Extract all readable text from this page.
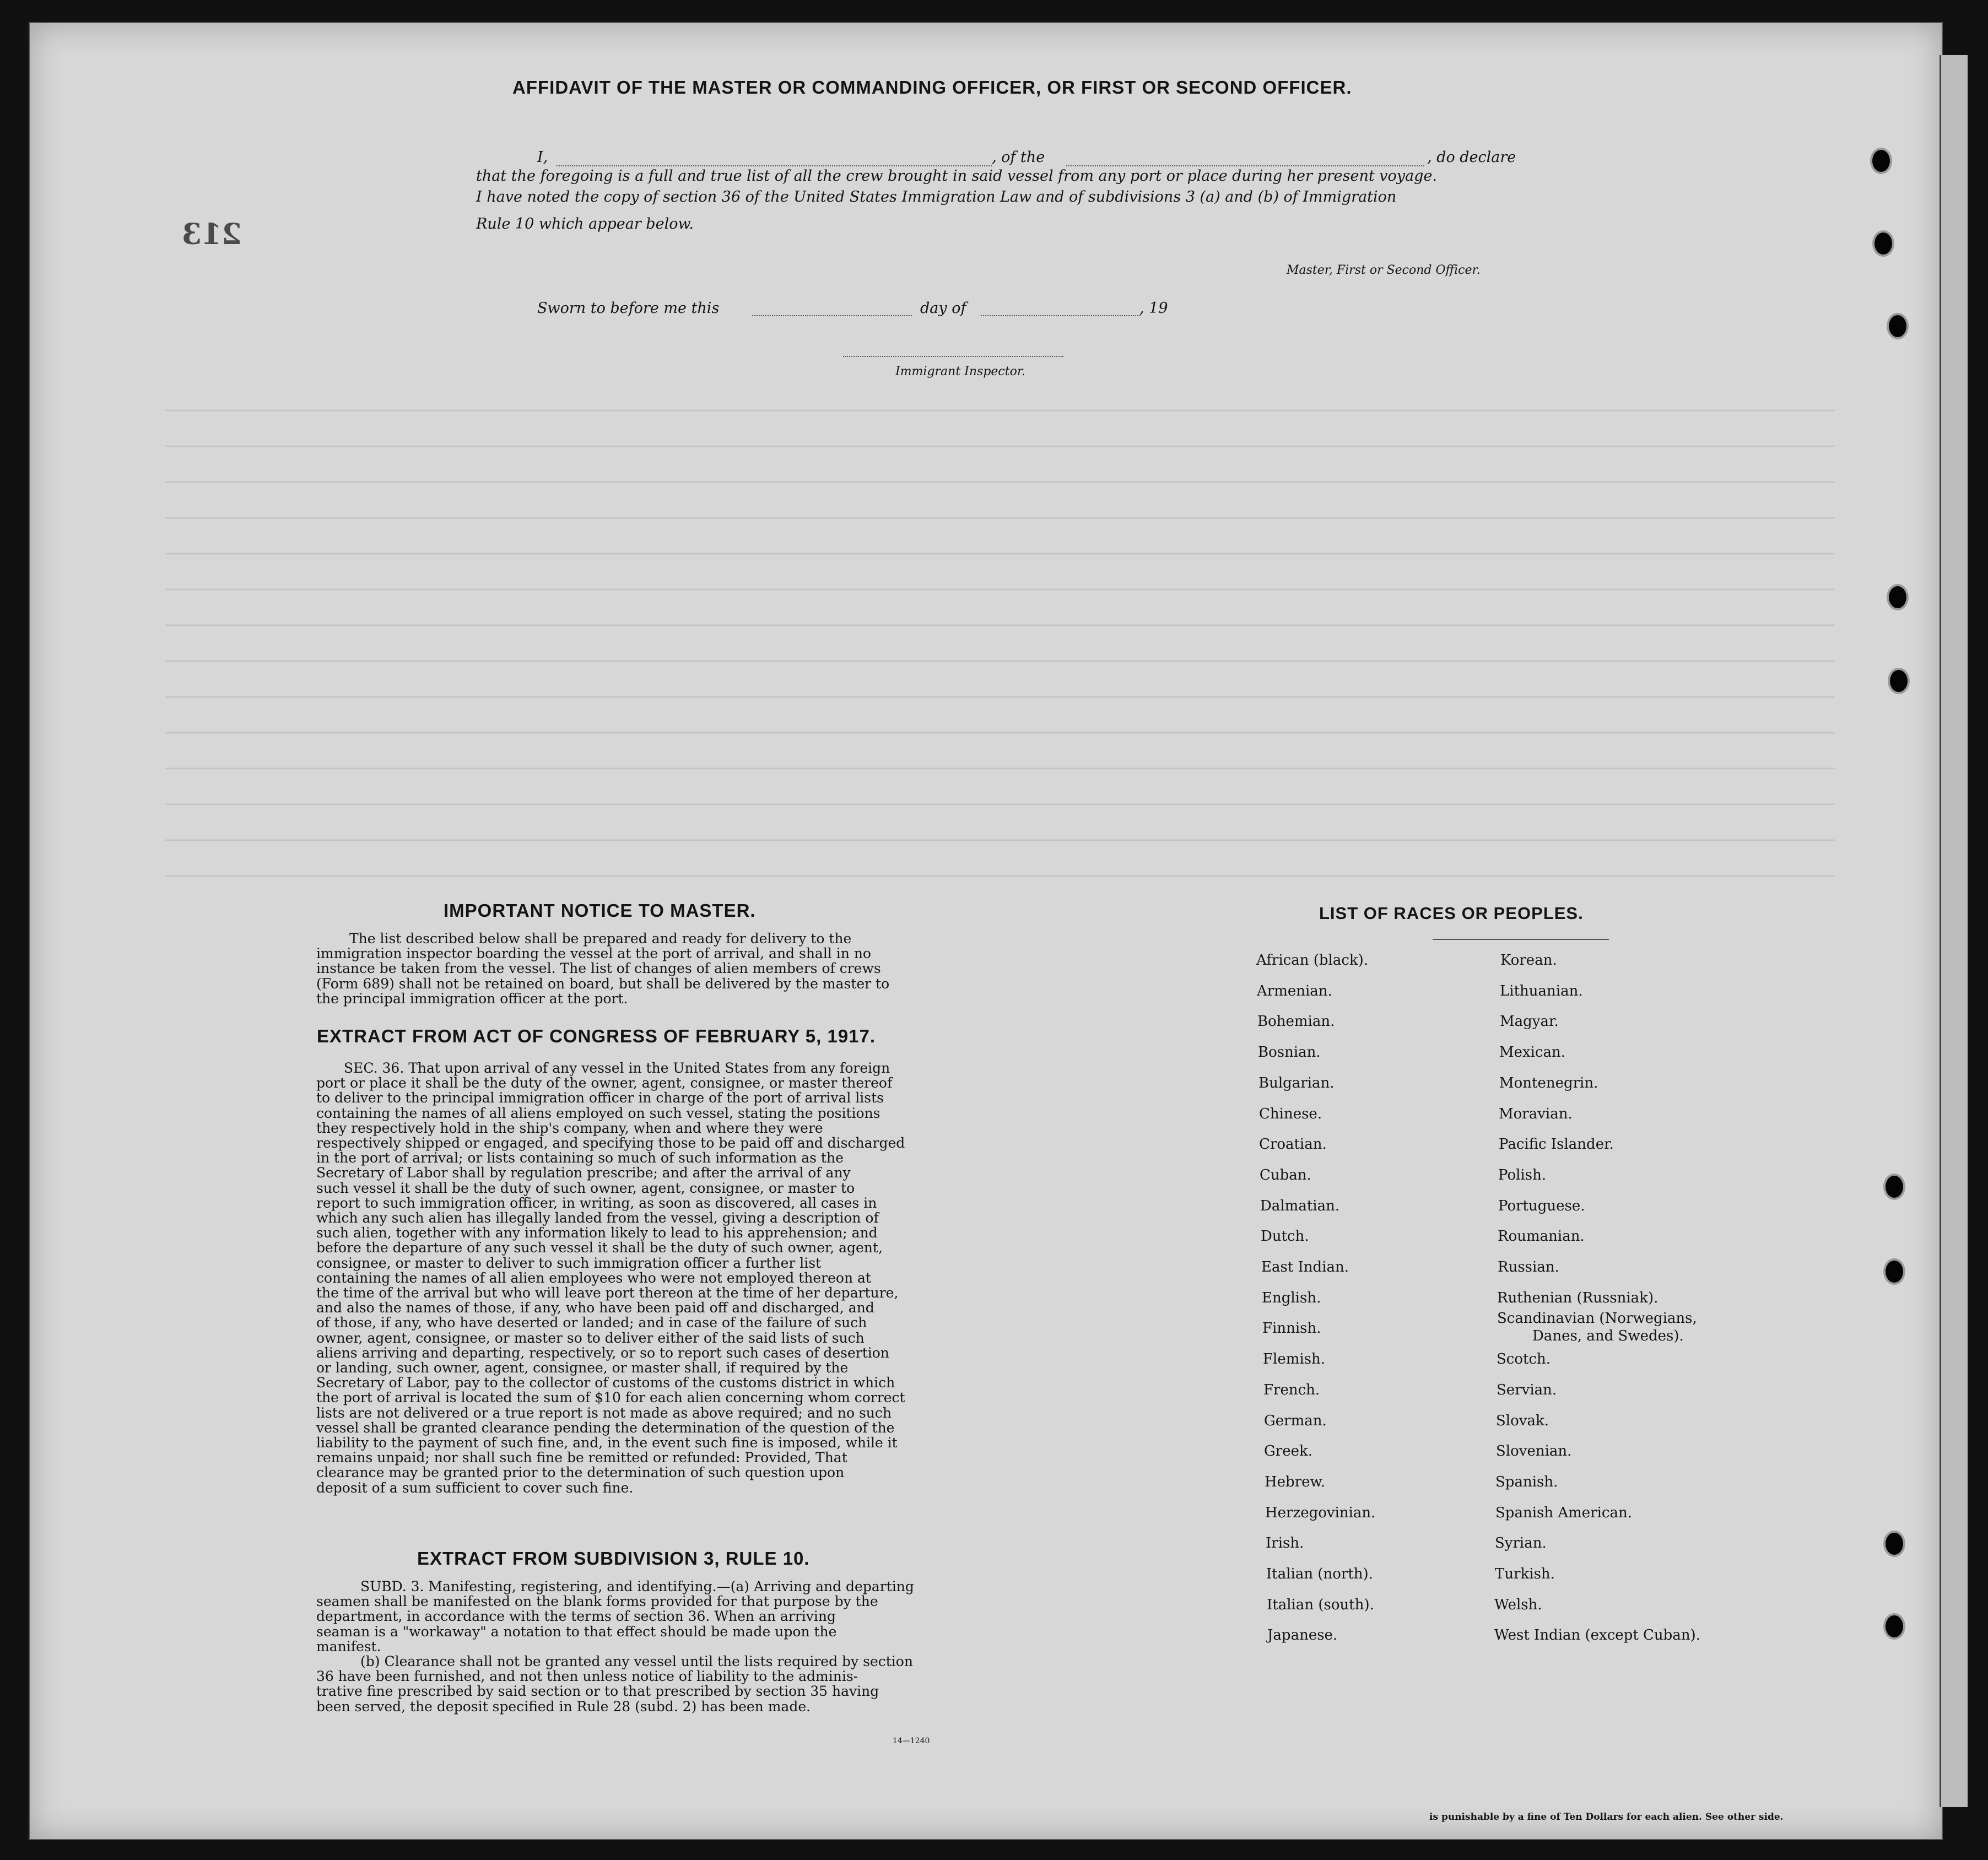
213
AFFIDAVIT OF THE MASTER OR COMMANDING OFFICER, OR FIRST OR SECOND OFFICER.
I,	, of the	, do declare
that the foregoing is a full and true list of all the crew brought in said vessel from any port or place during her present voyage.
I have noted the copy of section 36 of the United States Immigration Law and of subdivisions 3 (a) and (b) of Immigration
Rule 10 which appear below.
Master, First or Second Officer.
Sworn to before me this	day of	, 19
Immigrant Inspector.
IMPORTANT NOTICE TO MASTER.

The list described below shall be prepared and ready for delivery to the

immigration inspector boarding the vessel at the port of arrival, and shall in no

instance be taken from the vessel. The list of changes of alien members of crews

(Form 689) shall not be retained on board, but shall be delivered by the master to

the principal immigration officer at the port.

EXTRACT FROM ACT OF CONGRESS OF FEBRUARY 5, 1917.

SEC. 36. That upon arrival of any vessel in the United States from any foreign

port or place it shall be the duty of the owner, agent, consignee, or master thereof

to deliver to the principal immigration officer in charge of the port of arrival lists

containing the names of all aliens employed on such vessel, stating the positions

they respectively hold in the ship's company, when and where they were

respectively shipped or engaged, and specifying those to be paid off and discharged

in the port of arrival; or lists containing so much of such information as the

Secretary of Labor shall by regulation prescribe; and after the arrival of any

such vessel it shall be the duty of such owner, agent, consignee, or master to

report to such immigration officer, in writing, as soon as discovered, all cases in

which any such alien has illegally landed from the vessel, giving a description of

such alien, together with any information likely to lead to his apprehension; and

before the departure of any such vessel it shall be the duty of such owner, agent,

consignee, or master to deliver to such immigration officer a further list

containing the names of all alien employees who were not employed thereon at

the time of the arrival but who will leave port thereon at the time of her departure,

and also the names of those, if any, who have been paid off and discharged, and

of those, if any, who have deserted or landed; and in case of the failure of such

owner, agent, consignee, or master so to deliver either of the said lists of such

aliens arriving and departing, respectively, or so to report such cases of desertion

or landing, such owner, agent, consignee, or master shall, if required by the

Secretary of Labor, pay to the collector of customs of the customs district in which

the port of arrival is located the sum of $10 for each alien concerning whom correct

lists are not delivered or a true report is not made as above required; and no such

vessel shall be granted clearance pending the determination of the question of the

liability to the payment of such fine, and, in the event such fine is imposed, while it

remains unpaid; nor shall such fine be remitted or refunded: Provided, That

clearance may be granted prior to the determination of such question upon

deposit of a sum sufficient to cover such fine.

EXTRACT FROM SUBDIVISION 3, RULE 10.

SUBD. 3. Manifesting, registering, and identifying.—(a) Arriving and departing

seamen shall be manifested on the blank forms provided for that purpose by the

department, in accordance with the terms of section 36. When an arriving

seaman is a "workaway" a notation to that effect should be made upon the

manifest.

(b) Clearance shall not be granted any vessel until the lists required by section

36 have been furnished, and not then unless notice of liability to the adminis-

trative fine prescribed by said section or to that prescribed by section 35 having

been served, the deposit specified in Rule 28 (subd. 2) has been made.

14—1240
LIST OF RACES OR PEOPLES.
African (black).
Armenian.
Bohemian.
Bosnian.
Bulgarian.
Chinese.
Croatian.
Cuban.
Dalmatian.
Dutch.
East Indian.
English.
Finnish.
Flemish.
French.
German.
Greek.
Hebrew.
Herzegovinian.
Irish.
Italian (north).
Italian (south).
Japanese.
Korean.
Lithuanian.
Magyar.
Mexican.
Montenegrin.
Moravian.
Pacific Islander.
Polish.
Portuguese.
Roumanian.
Russian.
Ruthenian (Russniak).
Scandinavian (Norwegians,
Scotch.
Servian.
Slovak.
Slovenian.
Spanish.
Spanish American.
Syrian.
Turkish.
Welsh.
West Indian (except Cuban).
Danes, and Swedes).
is punishable by a fine of Ten Dollars for each alien. See other side.
